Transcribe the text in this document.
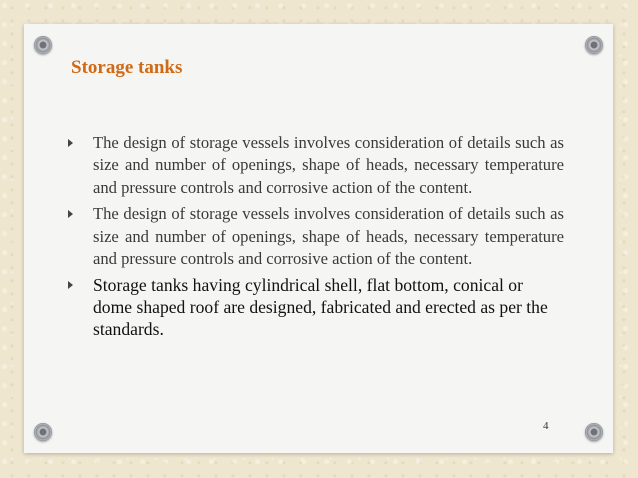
Storage tanks
The design of storage vessels involves consideration of details such as size and number of openings, shape of heads, necessary temperature and pressure controls and corrosive action of the content.
The design of storage vessels involves consideration of details such as size and number of openings, shape of heads, necessary temperature and pressure controls and corrosive action of the content.
Storage tanks having cylindrical shell, flat bottom, conical or dome shaped roof are designed, fabricated and erected as per the standards.
4
